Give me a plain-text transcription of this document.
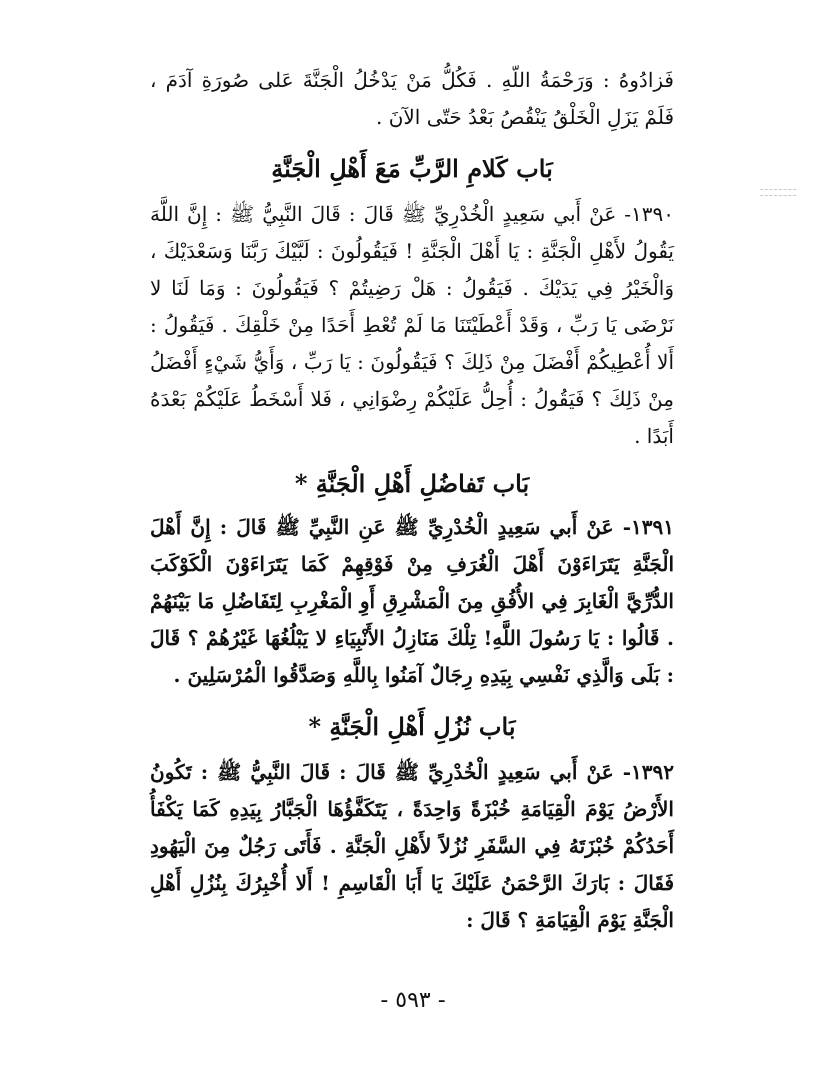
فَزادُوهُ : وَرَحْمَةُ اللّهِ . فَكُلُّ مَنْ يَدْخُلُ الْجَنَّةَ عَلى صُورَةِ آدَمَ ، فَلَمْ يَزَلِ الْخَلْقُ يَنْقُصُ بَعْدُ حَتّى الآنَ .

بَاب كَلامِ الرَّبِّ مَعَ أَهْلِ الْجَنَّةِ

١٣٩٠- عَنْ أَبي سَعِيدٍ الْخُدْرِيِّ ﷺ قَالَ : قَالَ النَّبِيُّ ﷺ : إِنَّ اللَّهَ يَقُولُ لأَهْلِ الْجَنَّةِ : يَا أَهْلَ الْجَنَّةِ ! فَيَقُولُونَ : لَبَّيْكَ رَبَّنَا وَسَعْدَيْكَ ، وَالْخَيْرُ فِي يَدَيْكَ . فَيَقُولُ : هَلْ رَضِيتُمْ ؟ فَيَقُولُونَ : وَمَا لَنَا لا نَرْضَى يَا رَبِّ ، وَقَدْ أَعْطَيْتَنَا مَا لَمْ تُعْطِ أَحَدًا مِنْ خَلْقِكَ . فَيَقُولُ : أَلا أُعْطِيكُمْ أَفْضَلَ مِنْ ذَلِكَ ؟ فَيَقُولُونَ : يَا رَبِّ ، وَأَيُّ شَيْءٍ أَفْضَلُ مِنْ ذَلِكَ ؟ فَيَقُولُ : أُحِلُّ عَلَيْكُمْ رِضْوَانِي ، فَلا أَسْخَطُ عَلَيْكُمْ بَعْدَهُ أَبَدًا .

بَاب تَفاضُلِ أَهْلِ الْجَنَّةِ *

١٣٩١- عَنْ أَبي سَعِيدٍ الْخُدْرِيِّ ﷺ عَنِ النَّبِيِّ ﷺ قَالَ : إِنَّ أَهْلَ الْجَنَّةِ يَتَرَاءَوْنَ أَهْلَ الْغُرَفِ مِنْ فَوْقِهِمْ كَمَا يَتَرَاءَوْنَ الْكَوْكَبَ الدُّرِّيَّ الْغَابِرَ فِي الأُفُقِ مِنَ الْمَشْرِقِ أَوِ الْمَغْرِبِ لِتَفَاضُلِ مَا بَيْنَهُمْ . قَالُوا : يَا رَسُولَ اللَّهِ! تِلْكَ مَنَازِلُ الأَنْبِيَاءِ لا يَبْلُغُهَا غَيْرُهُمْ ؟ قَالَ : بَلَى وَالَّذِي نَفْسِي بِيَدِهِ رِجَالٌ آمَنُوا بِاللَّهِ وَصَدَّقُوا الْمُرْسَلِينَ .

بَاب نُزُلِ أَهْلِ الْجَنَّةِ *

١٣٩٢- عَنْ أَبي سَعِيدٍ الْخُدْرِيِّ ﷺ قَالَ : قَالَ النَّبِيُّ ﷺ : تَكُونُ الأَرْضُ يَوْمَ الْقِيَامَةِ خُبْزَةً وَاحِدَةً ، يَتَكَفَّؤُهَا الْجَبَّارُ بِيَدِهِ كَمَا يَكْفَأُ أَحَدُكُمْ خُبْزَتَهُ فِي السَّفَرِ نُزُلاً لأَهْلِ الْجَنَّةِ . فَأَتَى رَجُلٌ مِنَ الْيَهُودِ فَقَالَ : بَارَكَ الرَّحْمَنُ عَلَيْكَ يَا أَبَا الْقَاسِمِ ! أَلا أُخْبِرُكَ بِنُزُلِ أَهْلِ الْجَنَّةِ يَوْمَ الْقِيَامَةِ ؟ قَالَ :

- ٥٩٣ -
